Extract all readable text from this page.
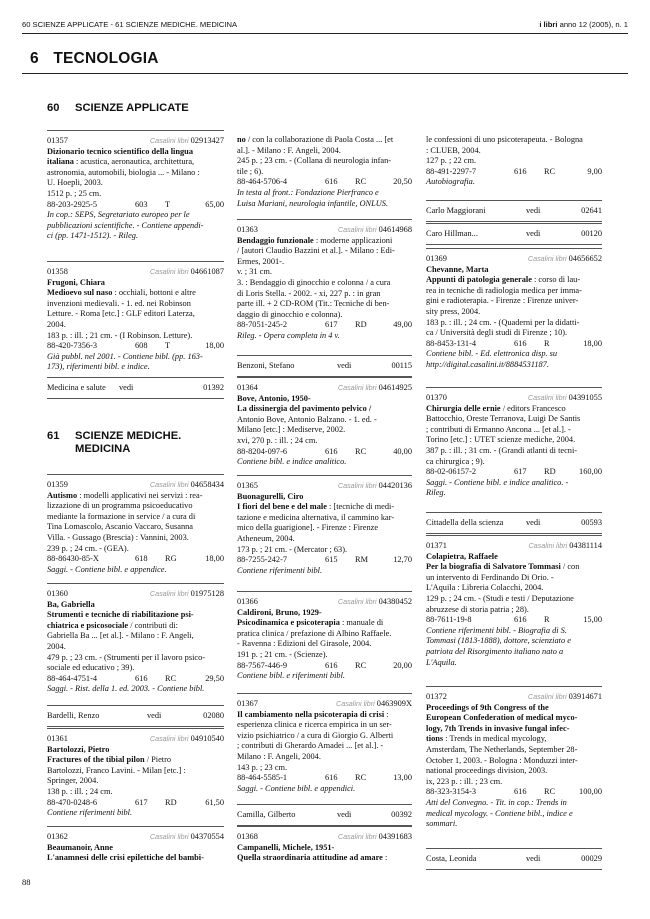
60 SCIENZE APPLICATE - 61 SCIENZE MEDICHE. MEDICINA	i libri anno 12 (2005), n. 1
6 TECNOLOGIA
60 SCIENZE APPLICATE
01357	Casalini libri 02913427
Dizionario tecnico scientifico della lingua
italiana : acustica, aeronautica, architettura,
astronomia, automobili, biologia ... - Milano :
U. Hoepli, 2003.
1512 p. ; 25 cm.
88-203-2925-5	603	T	65,00
In cop.: SEPS, Segretariato europeo per le
pubblicazioni scientifiche. - Contiene appendi-
ci (pp. 1471-1512). - Rileg.
01358	Casalini libri 04661087
Frugoni, Chiara
Medioevo sul naso : occhiali, bottoni e altre
invenzioni medievali. - 1. ed. nei Robinson
Letture. - Roma [etc.] : GLF editori Laterza,
2004.
183 p. : ill. ; 21 cm. - (I Robinson. Letture).
88-420-7356-3	608	T	18,00
Già pubbl. nel 2001. - Contiene bibl. (pp. 163-
173), riferimenti bibl. e indice.
Medicina e salute vedi	01392
61 SCIENZE MEDICHE.
MEDICINA
01359	Casalini libri 04658434
Autismo : modelli applicativi nei servizi : rea-
lizzazione di un programma psicoeducativo
mediante la formazione in service / a cura di
Tina Lomascolo, Ascanio Vaccaro, Susanna
Villa. - Gussago (Brescia) : Vannini, 2003.
239 p. ; 24 cm. - (GEA).
88-86430-85-X	618	RG	18,00
Saggi. - Contiene bibl. e appendice.
01360	Casalini libri 01975128
Ba, Gabriella
Strumenti e tecniche di riabilitazione psi-
chiatrica e psicosociale / contributi di:
Gabriella Ba ... [et al.]. - Milano : F. Angeli,
2004.
479 p. ; 23 cm. - (Strumenti per il lavoro psico-
sociale ed educativo ; 39).
88-464-4751-4	616	RC	29,50
Saggi. - Rist. della 1. ed. 2003. - Contiene bibl.
Bardelli, Renzo	vedi	02080
01361	Casalini libri 04910540
Bartolozzi, Pietro
Fractures of the tibial pilon / Pietro
Bartolozzi, Franco Lavini. - Milan [etc.] :
Springer, 2004.
138 p. : ill. ; 24 cm.
88-470-0248-6	617	RD	61,50
Contiene riferimenti bibl.
01362	Casalini libri 04370554
Beaumanoir, Anne
L'anamnesi delle crisi epilettiche del bambi-
no / con la collaborazione di Paola Costa ... [et
al.]. - Milano : F. Angeli, 2004.
245 p. ; 23 cm. - (Collana di neurologia infan-
tile ; 6).
88-464-5706-4	616	RC	20,50
In testa al front.: Fondazione Pierfranco e
Luisa Mariani, neurologia infantile, ONLUS.
01363	Casalini libri 04614968
Bendaggio funzionale : moderne applicazioni
/ [autori Claudio Bazzini et al.]. - Milano : Edi-
Ermes, 2001-.
v. ; 31 cm.
3. : Bendaggio di ginocchio e colonna / a cura
di Loris Stella. - 2002. - xi, 227 p. : in gran
parte ill. + 2 CD-ROM (Tit.: Tecniche di ben-
daggio di ginocchio e colonna).
88-7051-245-2	617	RD	49,00
Rileg. - Opera completa in 4 v.
Benzoni, Stefano	vedi	00115
01364	Casalini libri 04614925
Bove, Antonio, 1950-
La dissinergia del pavimento pelvico /
Antonio Bove, Antonio Balzano. - 1. ed. -
Milano [etc.] : Mediserve, 2002.
xvi, 270 p. : ill. ; 24 cm.
88-8204-097-6	616	RC	40,00
Contiene bibl. e indice analitico.
01365	Casalini libri 04420136
Buonagurelli, Ciro
I fiori del bene e del male : [tecniche di medi-
tazione e medicina alternativa, il cammino kar-
mico della guarigione]. - Firenze : Firenze
Atheneum, 2004.
173 p. ; 21 cm. - (Mercator ; 63).
88-7255-242-7	615	RM	12,70
Contiene riferimenti bibl.
01366	Casalini libri 04380452
Caldironi, Bruno, 1929-
Psicodinamica e psicoterapia : manuale di
pratica clinica / prefazione di Albino Raffaele.
- Ravenna : Edizioni del Girasole, 2004.
191 p. ; 21 cm. - (Scienze).
88-7567-446-9	616	RC	20,00
Contiene bibl. e riferimenti bibl.
01367	Casalini libri 0463909X
Il cambiamento nella psicoterapia di crisi :
esperienza clinica e ricerca empirica in un ser-
vizio psichiatrico / a cura di Giorgio G. Alberti
; contributi di Gherardo Amadei ... [et al.]. -
Milano : F. Angeli, 2004.
143 p. ; 23 cm.
88-464-5585-1	616	RC	13,00
Saggi. - Contiene bibl. e appendici.
Camilla, Gilberto	vedi	00392
01368	Casalini libri 04391683
Campanelli, Michele, 1951-
Quella straordinaria attitudine ad amare :
le confessioni di uno psicoterapeuta. - Bologna
: CLUEB, 2004.
127 p. ; 22 cm.
88-491-2297-7	616	RC	9,00
Autobiografia.
Carlo Maggiorani	vedi	02641
Caro Hillman...	vedi	00120
01369	Casalini libri 04656652
Chevanne, Marta
Appunti di patologia generale : corso di lau-
rea in tecniche di radiologia medica per imma-
gini e radioterapia. - Firenze : Firenze univer-
sity press, 2004.
183 p. : ill. ; 24 cm. - (Quaderni per la didatti-
ca / Università degli studi di Firenze ; 10).
88-8453-131-4	616	R	18,00
Contiene bibl. - Ed. elettronica disp. su
http://digital.casalini.it/8884531187.
01370	Casalini libri 04391055
Chirurgia delle ernie / editors Francesco
Battocchio, Oreste Terranova, Luigi De Santis
; contributi di Ermanno Ancona ... [et al.]. -
Torino [etc.] : UTET scienze mediche, 2004.
387 p. : ill. ; 31 cm. - (Grandi atlanti di tecni-
ca chirurgica ; 9).
88-02-06157-2	617	RD	160,00
Saggi. - Contiene bibl. e indice analitico. -
Rileg.
Cittadella della scienza	vedi	00593
01371	Casalini libri 04381114
Colapietra, Raffaele
Per la biografia di Salvatore Tommasi / con
un intervento di Ferdinando Di Orio. -
L'Aquila : Libreria Colacchi, 2004.
129 p. ; 24 cm. - (Studi e testi / Deputazione
abruzzese di storia patria ; 28).
88-7611-19-8	616	R	15,00
Contiene riferimenti bibl. - Biografia di S.
Tommasi (1813-1888), dottore, scienziato e
patriota del Risorgimento italiano nato a
L'Aquila.
01372	Casalini libri 03914671
Proceedings of 9th Congress of the
European Confederation of medical myco-
logy, 7th Trends in invasive fungal infec-
tions : Trends in medical mycology,
Amsterdam, The Netherlands, September 28-
October 1, 2003. - Bologna : Monduzzi inter-
national proceedings division, 2003.
ix, 223 p. : ill. ; 23 cm.
88-323-3154-3	616	RC	100,00
Atti del Convegno. - Tit. in cop.: Trends in
medical mycology. - Contiene bibl., indice e
sommari.
Costa, Leonida	vedi	00029
88
